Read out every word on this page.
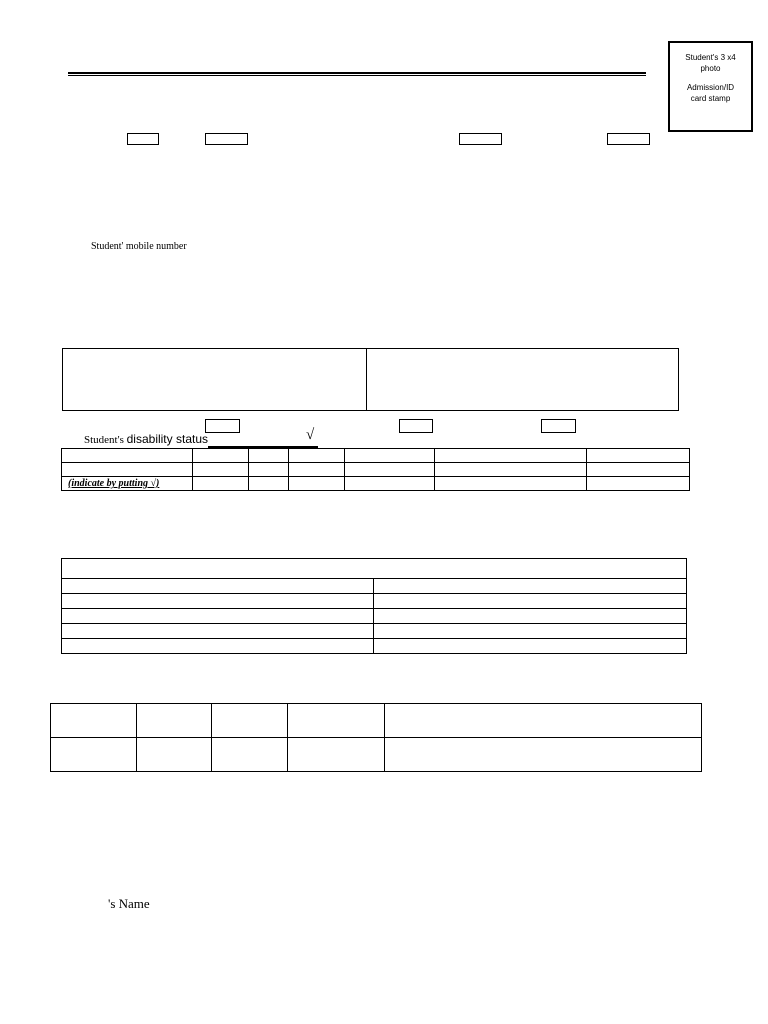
Student's 3 x4
photo
Admission/ID
card stamp
Student' mobile number
Student's disability status	√

(indicate by putting √)						

's Name
